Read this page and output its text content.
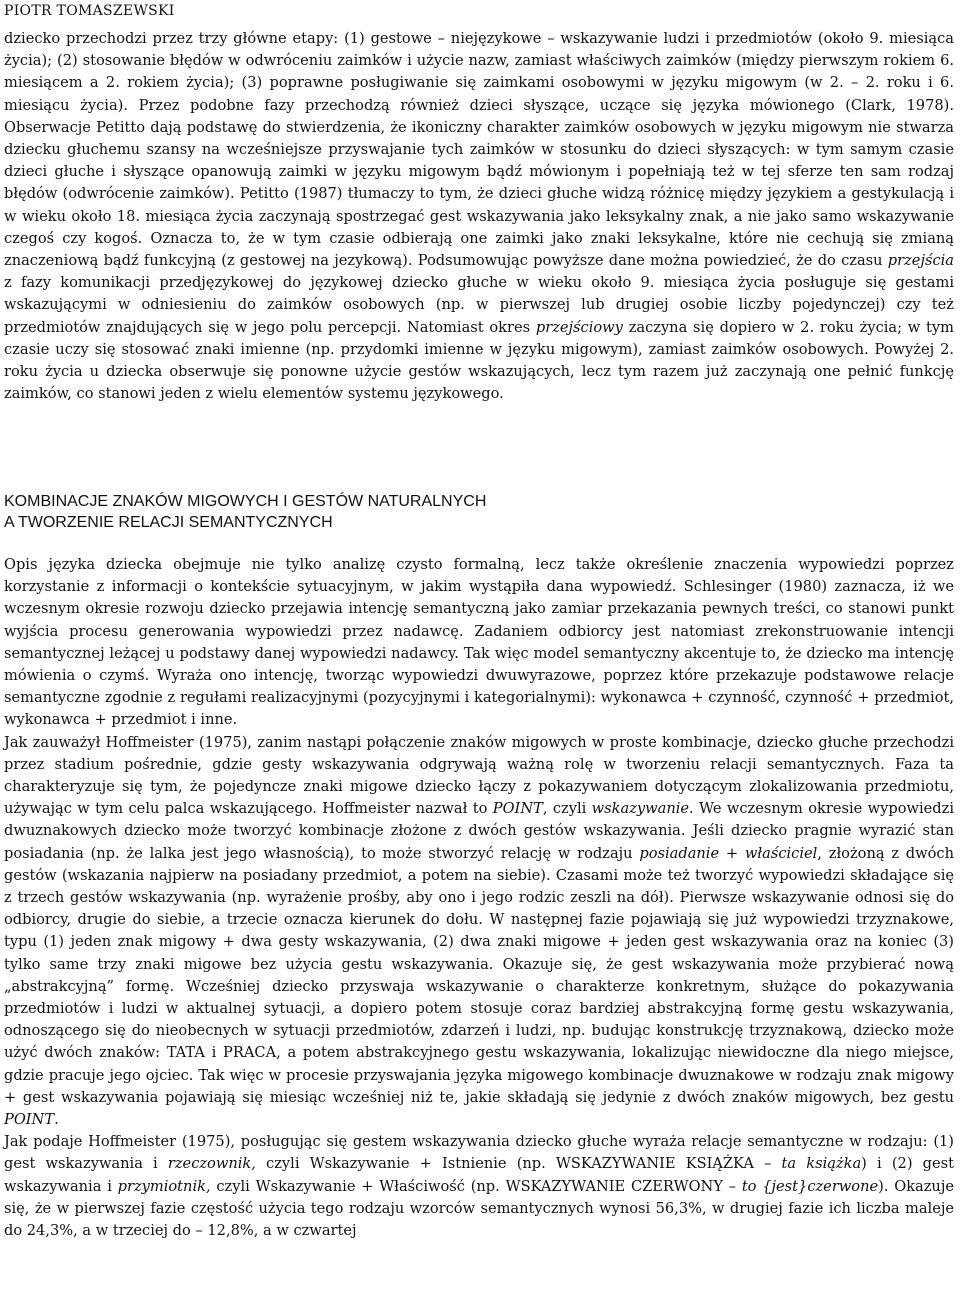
PIOTR TOMASZEWSKI

dziecko przechodzi przez trzy główne etapy: (1) gestowe – niejęzykowe – wskazywanie ludzi i przedmiotów (około 9. miesiąca życia); (2) stosowanie błędów w odwróceniu zaimków i użycie nazw, zamiast właściwych zaimków (między pierwszym rokiem 6. miesiącem a 2. rokiem życia); (3) poprawne posługiwanie się zaimkami osobowymi w języku migowym (w 2. – 2. roku i 6. miesiącu życia). Przez podobne fazy przechodzą również dzieci słyszące, uczące się języka mówionego (Clark, 1978). Obserwacje Petitto dają podstawę do stwierdzenia, że ikoniczny charakter zaimków osobowych w języku migowym nie stwarza dziecku głuchemu szansy na wcześniejsze przyswajanie tych zaimków w stosunku do dzieci słyszących: w tym samym czasie dzieci głuche i słyszące opanowują zaimki w języku migowym bądź mówionym i popełniają też w tej sferze ten sam rodzaj błędów (odwrócenie zaimków). Petitto (1987) tłumaczy to tym, że dzieci głuche widzą różnicę między językiem a gestykulacją i w wieku około 18. miesiąca życia zaczynają spostrzegać gest wskazywania jako leksykalny znak, a nie jako samo wskazywanie czegoś czy kogoś. Oznacza to, że w tym czasie odbierają one zaimki jako znaki leksykalne, które nie cechują się zmianą znaczeniową bądź funkcyjną (z gestowej na jezykową). Podsumowując powyższe dane można powiedzieć, że do czasu przejścia z fazy komunikacji przedjęzykowej do językowej dziecko głuche w wieku około 9. miesiąca życia posługuje się gestami wskazującymi w odniesieniu do zaimków osobowych (np. w pierwszej lub drugiej osobie liczby pojedynczej) czy też przedmiotów znajdujących się w jego polu percepcji. Natomiast okres przejściowy zaczyna się dopiero w 2. roku życia; w tym czasie uczy się stosować znaki imienne (np. przydomki imienne w języku migowym), zamiast zaimków osobowych. Powyżej 2. roku życia u dziecka obserwuje się ponowne użycie gestów wskazujących, lecz tym razem już zaczynają one pełnić funkcję zaimków, co stanowi jeden z wielu elementów systemu językowego.

KOMBINACJE ZNAKÓW MIGOWYCH I GESTÓW NATURALNYCH
A TWORZENIE RELACJI SEMANTYCZNYCH

Opis języka dziecka obejmuje nie tylko analizę czysto formalną, lecz także określenie znaczenia wypowiedzi poprzez korzystanie z informacji o kontekście sytuacyjnym, w jakim wystąpiła dana wypowiedź. Schlesinger (1980) zaznacza, iż we wczesnym okresie rozwoju dziecko przejawia intencję semantyczną jako zamiar przekazania pewnych treści, co stanowi punkt wyjścia procesu generowania wypowiedzi przez nadawcę. Zadaniem odbiorcy jest natomiast zrekonstruowanie intencji semantycznej leżącej u podstawy danej wypowiedzi nadawcy. Tak więc model semantyczny akcentuje to, że dziecko ma intencję mówienia o czymś. Wyraża ono intencję, tworząc wypowiedzi dwuwyrazowe, poprzez które przekazuje podstawowe relacje semantyczne zgodnie z regułami realizacyjnymi (pozycyjnymi i kategorialnymi): wykonawca + czynność, czynność + przedmiot, wykonawca + przedmiot i inne.

Jak zauważył Hoffmeister (1975), zanim nastąpi połączenie znaków migowych w proste kombinacje, dziecko głuche przechodzi przez stadium pośrednie, gdzie gesty wskazywania odgrywają ważną rolę w tworzeniu relacji semantycznych. Faza ta charakteryzuje się tym, że pojedyncze znaki migowe dziecko łączy z pokazywaniem dotyczącym zlokalizowania przedmiotu, używając w tym celu palca wskazującego. Hoffmeister nazwał to POINT, czyli wskazywanie. We wczesnym okresie wypowiedzi dwuznakowych dziecko może tworzyć kombinacje złożone z dwóch gestów wskazywania. Jeśli dziecko pragnie wyrazić stan posiadania (np. że lalka jest jego własnością), to może stworzyć relację w rodzaju posiadanie + właściciel, złożoną z dwóch gestów (wskazania najpierw na posiadany przedmiot, a potem na siebie). Czasami może też tworzyć wypowiedzi składające się z trzech gestów wskazywania (np. wyrażenie prośby, aby ono i jego rodzic zeszli na dół). Pierwsze wskazywanie odnosi się do odbiorcy, drugie do siebie, a trzecie oznacza kierunek do dołu. W następnej fazie pojawiają się już wypowiedzi trzyznakowe, typu (1) jeden znak migowy + dwa gesty wskazywania, (2) dwa znaki migowe + jeden gest wskazywania oraz na koniec (3) tylko same trzy znaki migowe bez użycia gestu wskazywania. Okazuje się, że gest wskazywania może przybierać nową „abstrakcyjną” formę. Wcześniej dziecko przyswaja wskazywanie o charakterze konkretnym, służące do pokazywania przedmiotów i ludzi w aktualnej sytuacji, a dopiero potem stosuje coraz bardziej abstrakcyjną formę gestu wskazywania, odnoszącego się do nieobecnych w sytuacji przedmiotów, zdarzeń i ludzi, np. budując konstrukcję trzyznakową, dziecko może użyć dwóch znaków: TATA i PRACA, a potem abstrakcyjnego gestu wskazywania, lokalizując niewidoczne dla niego miejsce, gdzie pracuje jego ojciec. Tak więc w procesie przyswajania języka migowego kombinacje dwuznakowe w rodzaju znak migowy + gest wskazywania pojawiają się miesiąc wcześniej niż te, jakie składają się jedynie z dwóch znaków migowych, bez gestu POINT.

Jak podaje Hoffmeister (1975), posługując się gestem wskazywania dziecko głuche wyraża relacje semantyczne w rodzaju: (1) gest wskazywania i rzeczownik, czyli Wskazywanie + Istnienie (np. WSKAZYWANIE KSIĄŻKA – ta książka) i (2) gest wskazywania i przymiotnik, czyli Wskazywanie + Właściwość (np. WSKAZYWANIE CZERWONY – to {jest}czerwone). Okazuje się, że w pierwszej fazie częstość użycia tego rodzaju wzorców semantycznych wynosi 56,3%, w drugiej fazie ich liczba maleje do 24,3%, a w trzeciej do – 12,8%, a w czwartej
